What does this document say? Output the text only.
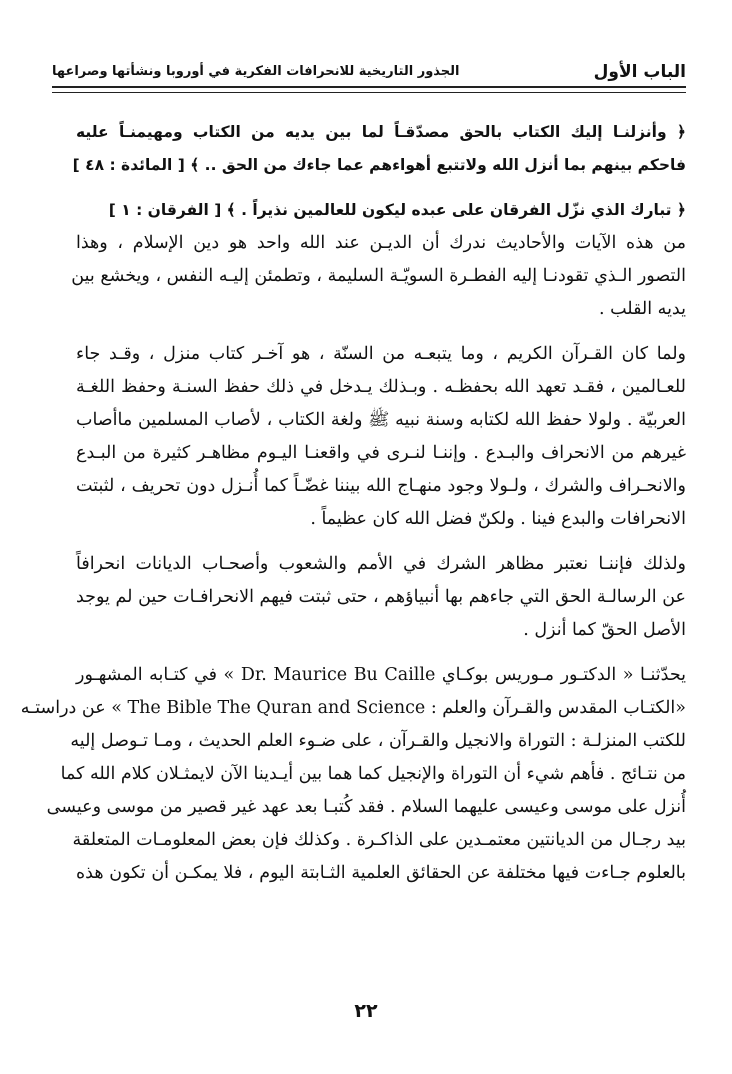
الباب الأول
الجذور التاريخية للانحرافات الفكرية في أوروبا ونشأتها وصراعها
﴿ وأنزلنـا إليك الكتاب بالحق مصدّقـاً لما بين يديه من الكتاب ومهيمنـاً عليه
فاحكم بينهم بما أنزل الله ولاتتبع أهواءهم عما جاءك من الحق .. ﴾ [ المائدة : ٤٨ ]
﴿ تبارك الذي نزّل الفرقان على عبده ليكون للعالمين نذيراً . ﴾ [ الفرقان : ١ ]
من هذه الآيات والأحاديث ندرك أن الديـن عند الله واحد هو دين الإسلام ، وهذا
التصور الـذي تقودنـا إليه الفطـرة السويّـة السليمة ، وتطمئن إليـه النفس ، ويخشع بين
يديه القلب .
ولما كان القـرآن الكريم ، وما يتبعـه من السنّة ، هو آخـر كتاب منزل ، وقـد جاء
للعـالمين ، فقـد تعهد الله بحفظـه . وبـذلك يـدخل في ذلك حفظ السنـة وحفظ اللغـة
العربيّة . ولولا حفظ الله لكتابه وسنة نبيه ﷺ ولغة الكتاب ، لأصاب المسلمين ماأصاب
غيرهم من الانحراف والبـدع . وإننـا لنـرى في واقعنـا اليـوم مظاهـر كثيرة من البـدع
والانحـراف والشرك ، ولـولا وجود منهـاج الله بيننا غضّـاً كما أُنـزل دون تحريف ، لثبتت
الانحرافات والبدع فينا . ولكنّ فضل الله كان عظيماً .
ولذلك فإننـا نعتبر مظاهر الشرك في الأمم والشعوب وأصحـاب الديانات انحرافاً
عن الرسالـة الحق التي جاءهم بها أنبياؤهم ، حتى ثبتت فيهم الانحرافـات حين لم يوجد
الأصل الحقّ كما أنزل .
يحدّثنـا « الدكتـور مـوريس بوكـاي Dr. Maurice Bu Caille » في كتـابه المشهـور
«الكتـاب المقدس والقـرآن والعلم : The Bible The Quran and Science » عن دراستـه
للكتب المنزلـة : التوراة والانجيل والقـرآن ، على ضـوء العلم الحديث ، ومـا تـوصل إليه
من نتـائج . فأهم شيء أن التوراة والإنجيل كما هما بين أيـدينا الآن لايمثـلان كلام الله كما
أُنزل على موسى وعيسى عليهما السلام . فقد كُتبـا بعد عهد غير قصير من موسى وعيسى
بيد رجـال من الديانتين معتمـدين على الذاكـرة . وكذلك فإن بعض المعلومـات المتعلقة
بالعلوم جـاءت فيها مختلفة عن الحقائق العلمية الثـابتة اليوم ، فلا يمكـن أن تكون هذه
٢٢
